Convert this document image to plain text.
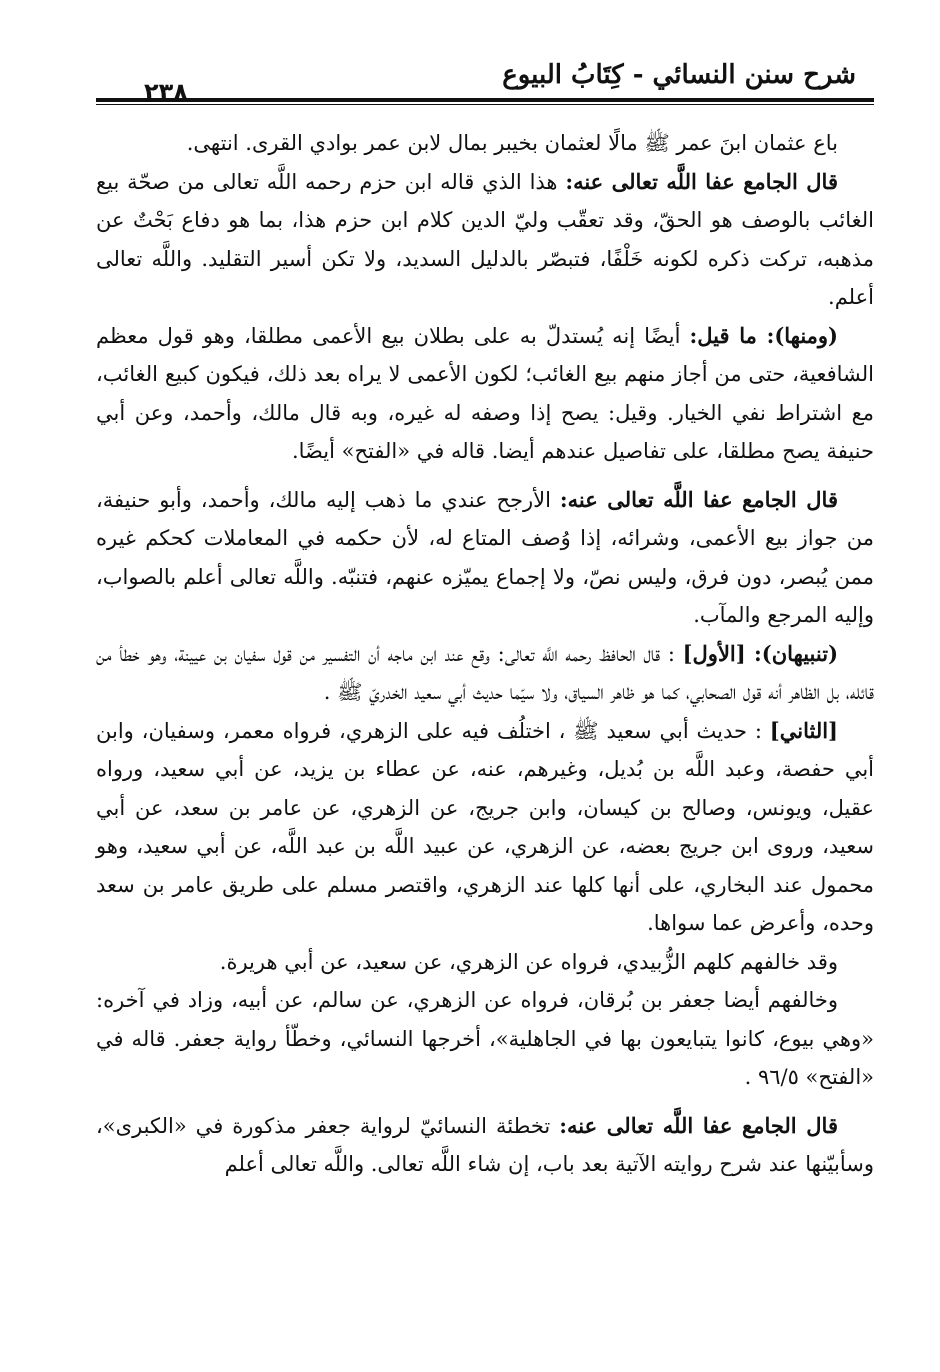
شرح سنن النسائي - كِتَابُ البيوع
٢٣٨

باع عثمان ابنَ عمر ﷺ مالًا لعثمان بخيبر بمال لابن عمر بوادي القرى. انتهى.

قال الجامع عفا اللَّه تعالى عنه: هذا الذي قاله ابن حزم رحمه اللَّه تعالى من صحّة بيع الغائب بالوصف هو الحقّ، وقد تعقّب وليّ الدين كلام ابن حزم هذا، بما هو دفاع بَحْتٌ عن مذهبه، تركت ذكره لكونه خَلْفًا، فتبصّر بالدليل السديد، ولا تكن أسير التقليد. واللَّه تعالى أعلم.

(ومنها): ما قيل: أيضًا إنه يُستدلّ به على بطلان بيع الأعمى مطلقا، وهو قول معظم الشافعية، حتى من أجاز منهم بيع الغائب؛ لكون الأعمى لا يراه بعد ذلك، فيكون كبيع الغائب، مع اشتراط نفي الخيار. وقيل: يصح إذا وصفه له غيره، وبه قال مالك، وأحمد، وعن أبي حنيفة يصح مطلقا، على تفاصيل عندهم أيضا. قاله في «الفتح» أيضًا.

قال الجامع عفا اللَّه تعالى عنه: الأرجح عندي ما ذهب إليه مالك، وأحمد، وأبو حنيفة، من جواز بيع الأعمى، وشرائه، إذا وُصف المتاع له، لأن حكمه في المعاملات كحكم غيره ممن يُبصر، دون فرق، وليس نصّ، ولا إجماع يميّزه عنهم، فتنبّه. واللَّه تعالى أعلم بالصواب، وإليه المرجع والمآب.

(تنبيهان): [الأول] : قال الحافظ رحمه اللَّه تعالى: وقع عند ابن ماجه أن التفسير من قول سفيان بن عيينة، وهو خطأ من قائله، بل الظاهر أنه قول الصحابي، كما هو ظاهر السياق، ولا سيّما حديث أبي سعيد الخدريّ ﷺ .

[الثاني] : حديث أبي سعيد ﷺ ، اختلُف فيه على الزهري، فرواه معمر، وسفيان، وابن أبي حفصة، وعبد اللَّه بن بُديل، وغيرهم، عنه، عن عطاء بن يزيد، عن أبي سعيد، ورواه عقيل، ويونس، وصالح بن كيسان، وابن جريج، عن الزهري، عن عامر بن سعد، عن أبي سعيد، وروى ابن جريج بعضه، عن الزهري، عن عبيد اللَّه بن عبد اللَّه، عن أبي سعيد، وهو محمول عند البخاري، على أنها كلها عند الزهري، واقتصر مسلم على طريق عامر بن سعد وحده، وأعرض عما سواها.

وقد خالفهم كلهم الزُّبيدي، فرواه عن الزهري، عن سعيد، عن أبي هريرة.

وخالفهم أيضا جعفر بن بُرقان، فرواه عن الزهري، عن سالم، عن أبيه، وزاد في آخره: «وهي بيوع، كانوا يتبايعون بها في الجاهلية»، أخرجها النسائي، وخطّأ رواية جعفر. قاله في «الفتح» ٩٦/٥ .

قال الجامع عفا اللَّه تعالى عنه: تخطئة النسائيّ لرواية جعفر مذكورة في «الكبرى»، وسأبيّنها عند شرح روايته الآتية بعد باب، إن شاء اللَّه تعالى. واللَّه تعالى أعلم
